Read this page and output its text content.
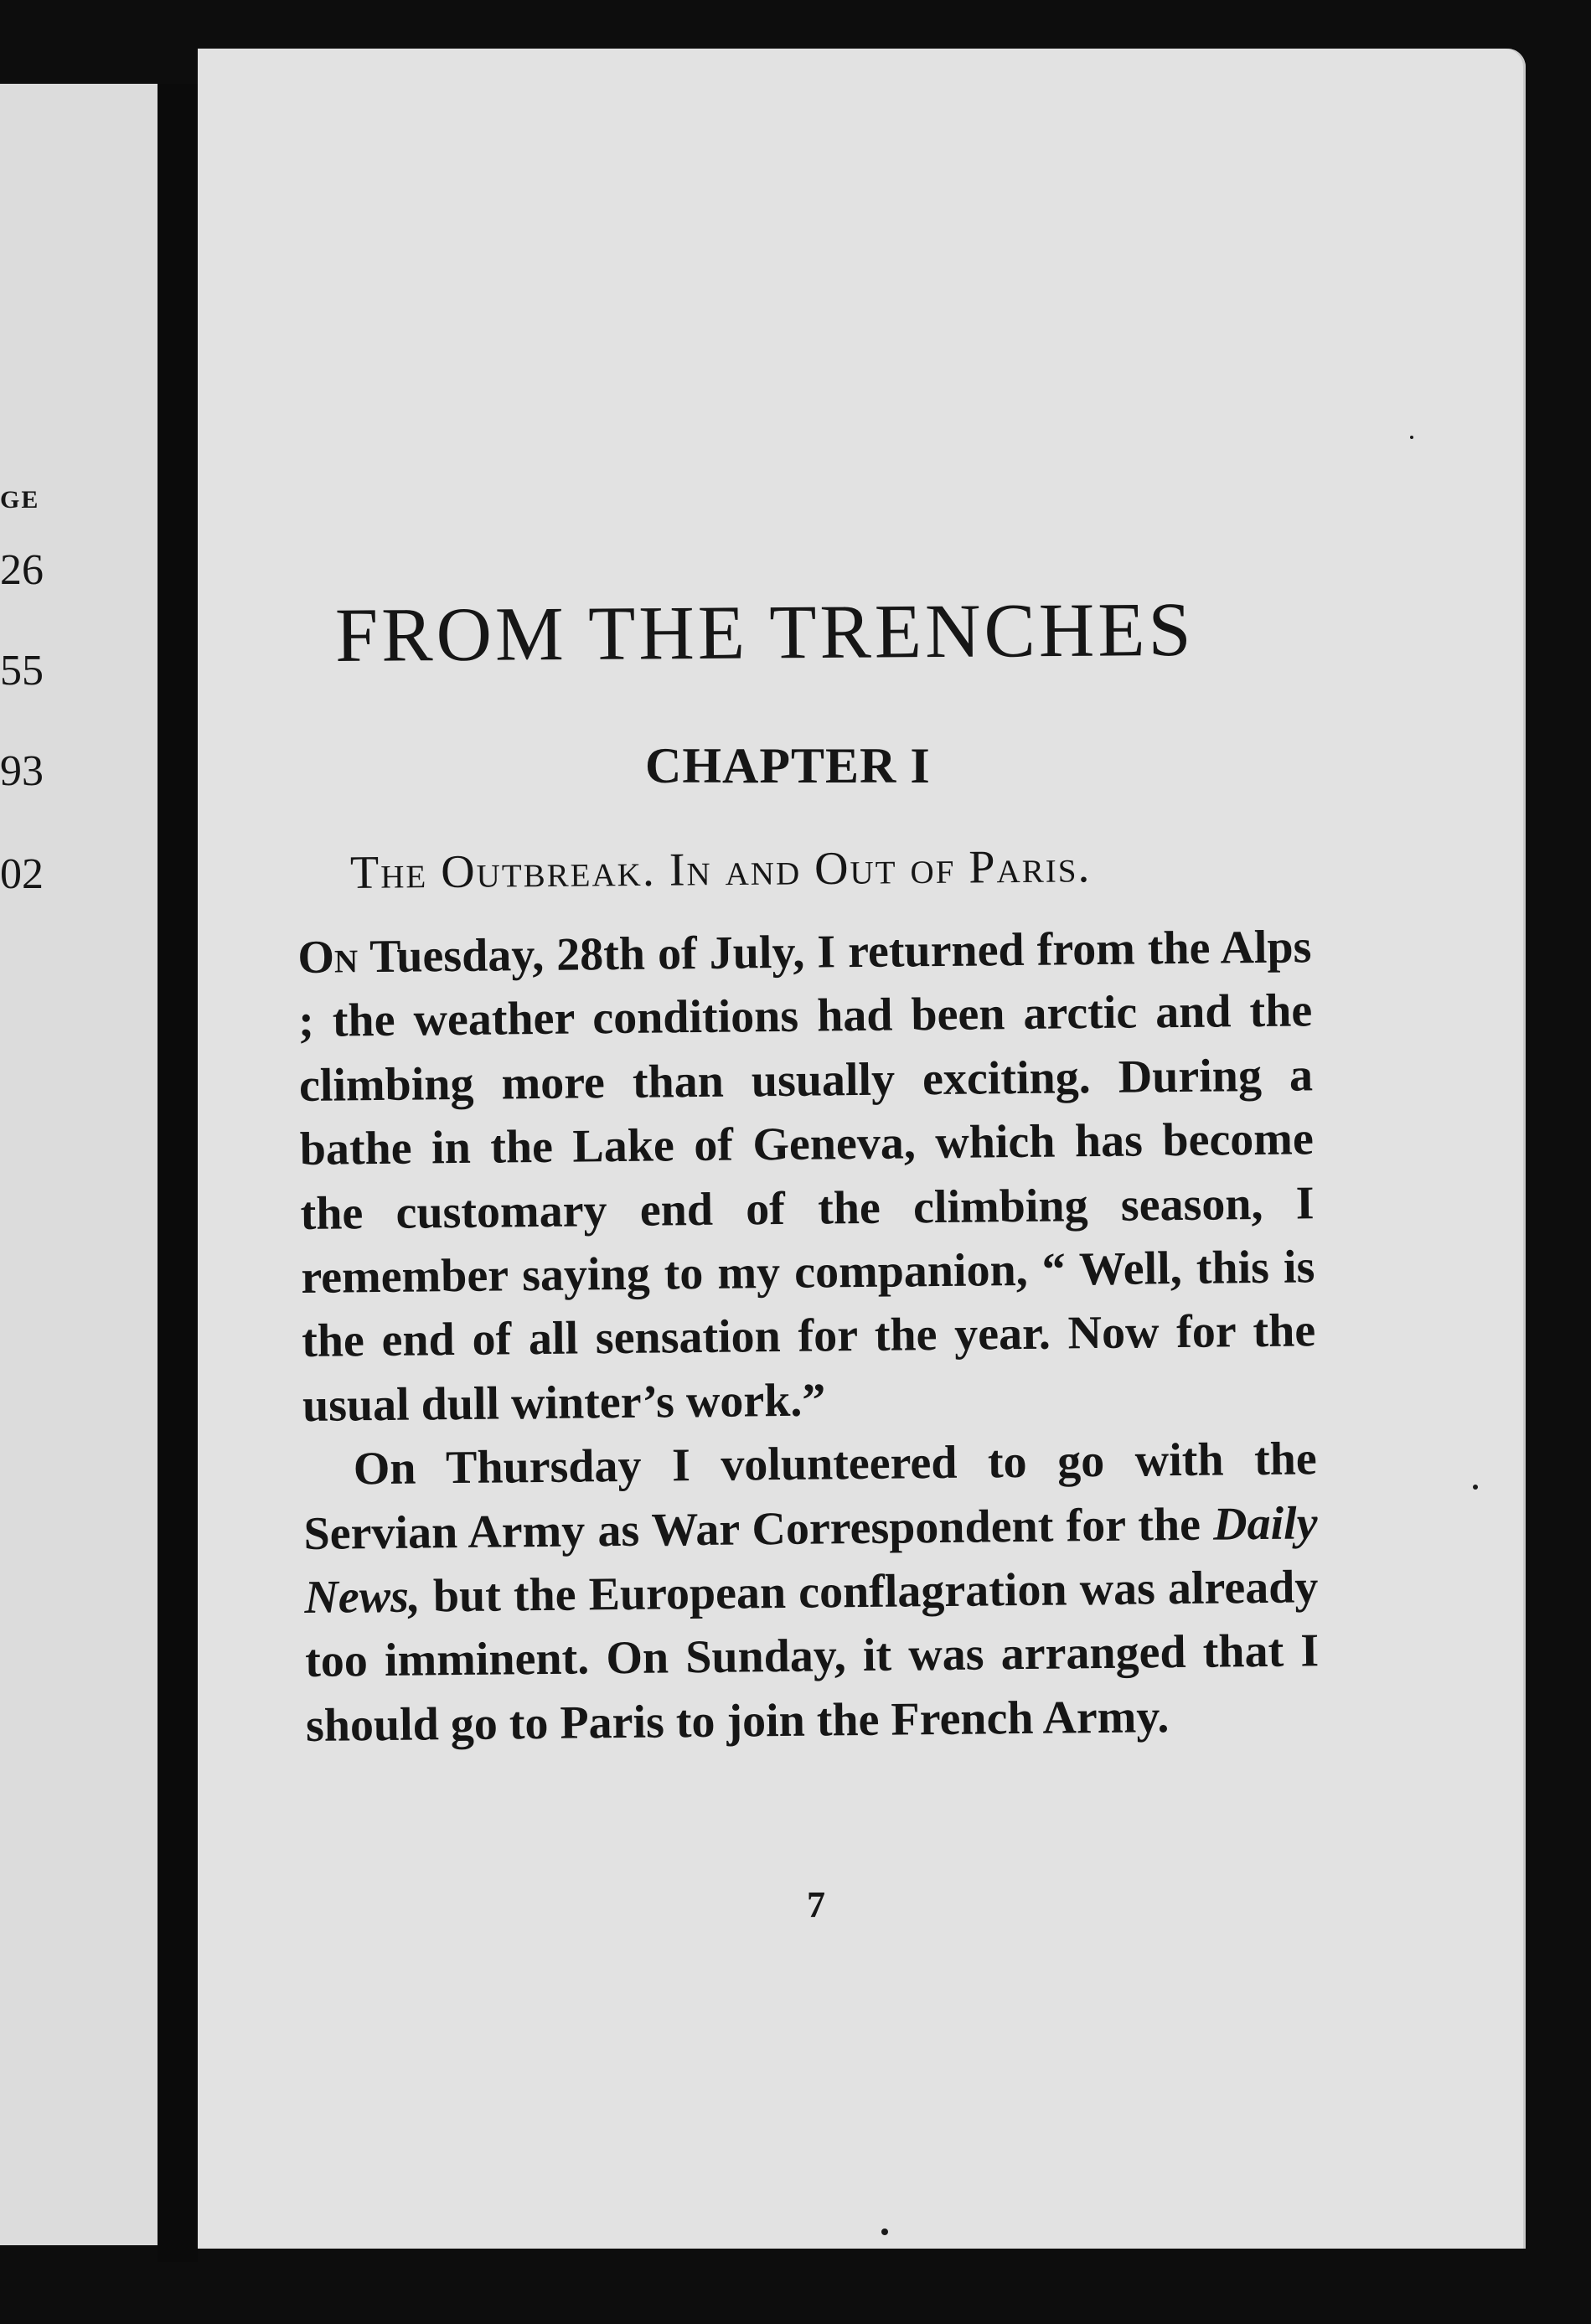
GE
26
55
93
02
FROM THE TRENCHES
CHAPTER I
The Outbreak. In and Out of Paris.

On Tuesday, 28th of July, I returned from the Alps ; the weather conditions had been arctic and the climbing more than usually exciting. During a bathe in the Lake of Geneva, which has become the customary end of the climbing season, I remember saying to my companion, “ Well, this is the end of all sensation for the year. Now for the usual dull winter’s work.”

On Thursday I volunteered to go with the Servian Army as War Correspondent for the Daily News, but the European conflagration was already too imminent. On Sunday, it was arranged that I should go to Paris to join the French Army.

7
